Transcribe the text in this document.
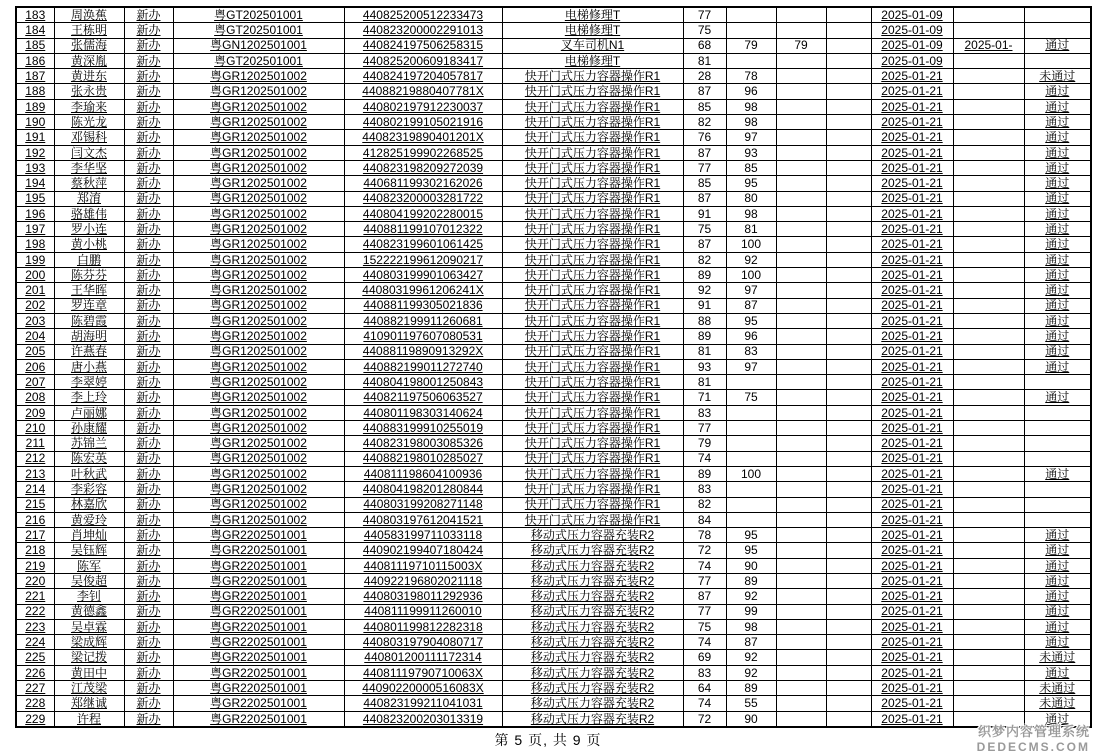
183	周涣蕉	新办	粤GT202501001	440825200512233473	电梯修理T	77				2025-01-09		
184	王栋明	新办	粤GT202501001	440823200002291013	电梯修理T	75				2025-01-09		
185	张儒海	新办	粤GN1202501001	440824197506258315	叉车司机N1	68	79	79		2025-01-09	2025-01-	通过
186	黄深胤	新办	粤GT202501001	440825200609183417	电梯修理T	81				2025-01-09		
187	黄进东	新办	粤GR1202501002	440824197204057817	快开门式压力容器操作R1	28	78			2025-01-21		未通过
188	张永贵	新办	粤GR1202501002	44088219880407781X	快开门式压力容器操作R1	87	96			2025-01-21		通过
189	李瑜来	新办	粤GR1202501002	440802197912230037	快开门式压力容器操作R1	85	98			2025-01-21		通过
190	陈光龙	新办	粤GR1202501002	440802199105021916	快开门式压力容器操作R1	82	98			2025-01-21		通过
191	邓锡科	新办	粤GR1202501002	44082319890401201X	快开门式压力容器操作R1	76	97			2025-01-21		通过
192	闫文杰	新办	粤GR1202501002	412825199902268525	快开门式压力容器操作R1	87	93			2025-01-21		通过
193	李华坚	新办	粤GR1202501002	440823198209272039	快开门式压力容器操作R1	77	85			2025-01-21		通过
194	蔡秋萍	新办	粤GR1202501002	440681199302162026	快开门式压力容器操作R1	85	95			2025-01-21		通过
195	郑淯	新办	粤GR1202501002	440823200003281722	快开门式压力容器操作R1	87	80			2025-01-21		通过
196	骆雄伟	新办	粤GR1202501002	440804199202280015	快开门式压力容器操作R1	91	98			2025-01-21		通过
197	罗小连	新办	粤GR1202501002	440881199107012322	快开门式压力容器操作R1	75	81			2025-01-21		通过
198	黄小桃	新办	粤GR1202501002	440823199601061425	快开门式压力容器操作R1	87	100			2025-01-21		通过
199	白鹏	新办	粤GR1202501002	152222199612090217	快开门式压力容器操作R1	82	92			2025-01-21		通过
200	陈芬芬	新办	粤GR1202501002	440803199901063427	快开门式压力容器操作R1	89	100			2025-01-21		通过
201	王华晖	新办	粤GR1202501002	44080319961206241X	快开门式压力容器操作R1	92	97			2025-01-21		通过
202	罗连章	新办	粤GR1202501002	440881199305021836	快开门式压力容器操作R1	91	87			2025-01-21		通过
203	陈碧霞	新办	粤GR1202501002	440882199911260681	快开门式压力容器操作R1	88	95			2025-01-21		通过
204	胡海明	新办	粤GR1202501002	410901197607080531	快开门式压力容器操作R1	89	96			2025-01-21		通过
205	许燕春	新办	粤GR1202501002	44088119890913292X	快开门式压力容器操作R1	81	83			2025-01-21		通过
206	唐小燕	新办	粤GR1202501002	440882199011272740	快开门式压力容器操作R1	93	97			2025-01-21		通过
207	李翠婷	新办	粤GR1202501002	440804198001250843	快开门式压力容器操作R1	81				2025-01-21		
208	李上玲	新办	粤GR1202501002	440821197506063527	快开门式压力容器操作R1	71	75			2025-01-21		通过
209	卢丽娜	新办	粤GR1202501002	440801198303140624	快开门式压力容器操作R1	83				2025-01-21		
210	孙康耀	新办	粤GR1202501002	440883199910255019	快开门式压力容器操作R1	77				2025-01-21		
211	苏锦兰	新办	粤GR1202501002	440823198003085326	快开门式压力容器操作R1	79				2025-01-21		
212	陈宏英	新办	粤GR1202501002	440882198010285027	快开门式压力容器操作R1	74				2025-01-21		
213	叶秋武	新办	粤GR1202501002	440811198604100936	快开门式压力容器操作R1	89	100			2025-01-21		通过
214	李彩容	新办	粤GR1202501002	440804198201280844	快开门式压力容器操作R1	83				2025-01-21		
215	林嘉欣	新办	粤GR1202501002	440803199208271148	快开门式压力容器操作R1	82				2025-01-21		
216	黄爱玲	新办	粤GR1202501002	440803197612041521	快开门式压力容器操作R1	84				2025-01-21		
217	肖坤灿	新办	粤GR2202501001	440583199711033118	移动式压力容器充装R2	78	95			2025-01-21		通过
218	吴钰辉	新办	粤GR2202501001	440902199407180424	移动式压力容器充装R2	72	95			2025-01-21		通过
219	陈军	新办	粤GR2202501001	44081119710115003X	移动式压力容器充装R2	74	90			2025-01-21		通过
220	吴俊超	新办	粤GR2202501001	440922196802021118	移动式压力容器充装R2	77	89			2025-01-21		通过
221	李钊	新办	粤GR2202501001	440803198011292936	移动式压力容器充装R2	87	92			2025-01-21		通过
222	黄德鑫	新办	粤GR2202501001	440811199911260010	移动式压力容器充装R2	77	99			2025-01-21		通过
223	吴卓霖	新办	粤GR2202501001	440801199812282318	移动式压力容器充装R2	75	98			2025-01-21		通过
224	梁成辉	新办	粤GR2202501001	440803197904080717	移动式压力容器充装R2	74	87			2025-01-21		通过
225	梁记拨	新办	粤GR2202501001	440801200111172314	移动式压力容器充装R2	69	92			2025-01-21		未通过
226	黄田中	新办	粤GR2202501001	44081119790710063X	移动式压力容器充装R2	83	92			2025-01-21		通过
227	江茂梁	新办	粤GR2202501001	44090220000516083X	移动式压力容器充装R2	64	89			2025-01-21		未通过
228	郑继诚	新办	粤GR2202501001	440823199211041031	移动式压力容器充装R2	74	55			2025-01-21		未通过
229	许程	新办	粤GR2202501001	440823200203013319	移动式压力容器充装R2	72	90			2025-01-21		通过
第 5 页, 共 9 页
织梦内容管理系统
DEDECMS.COM
